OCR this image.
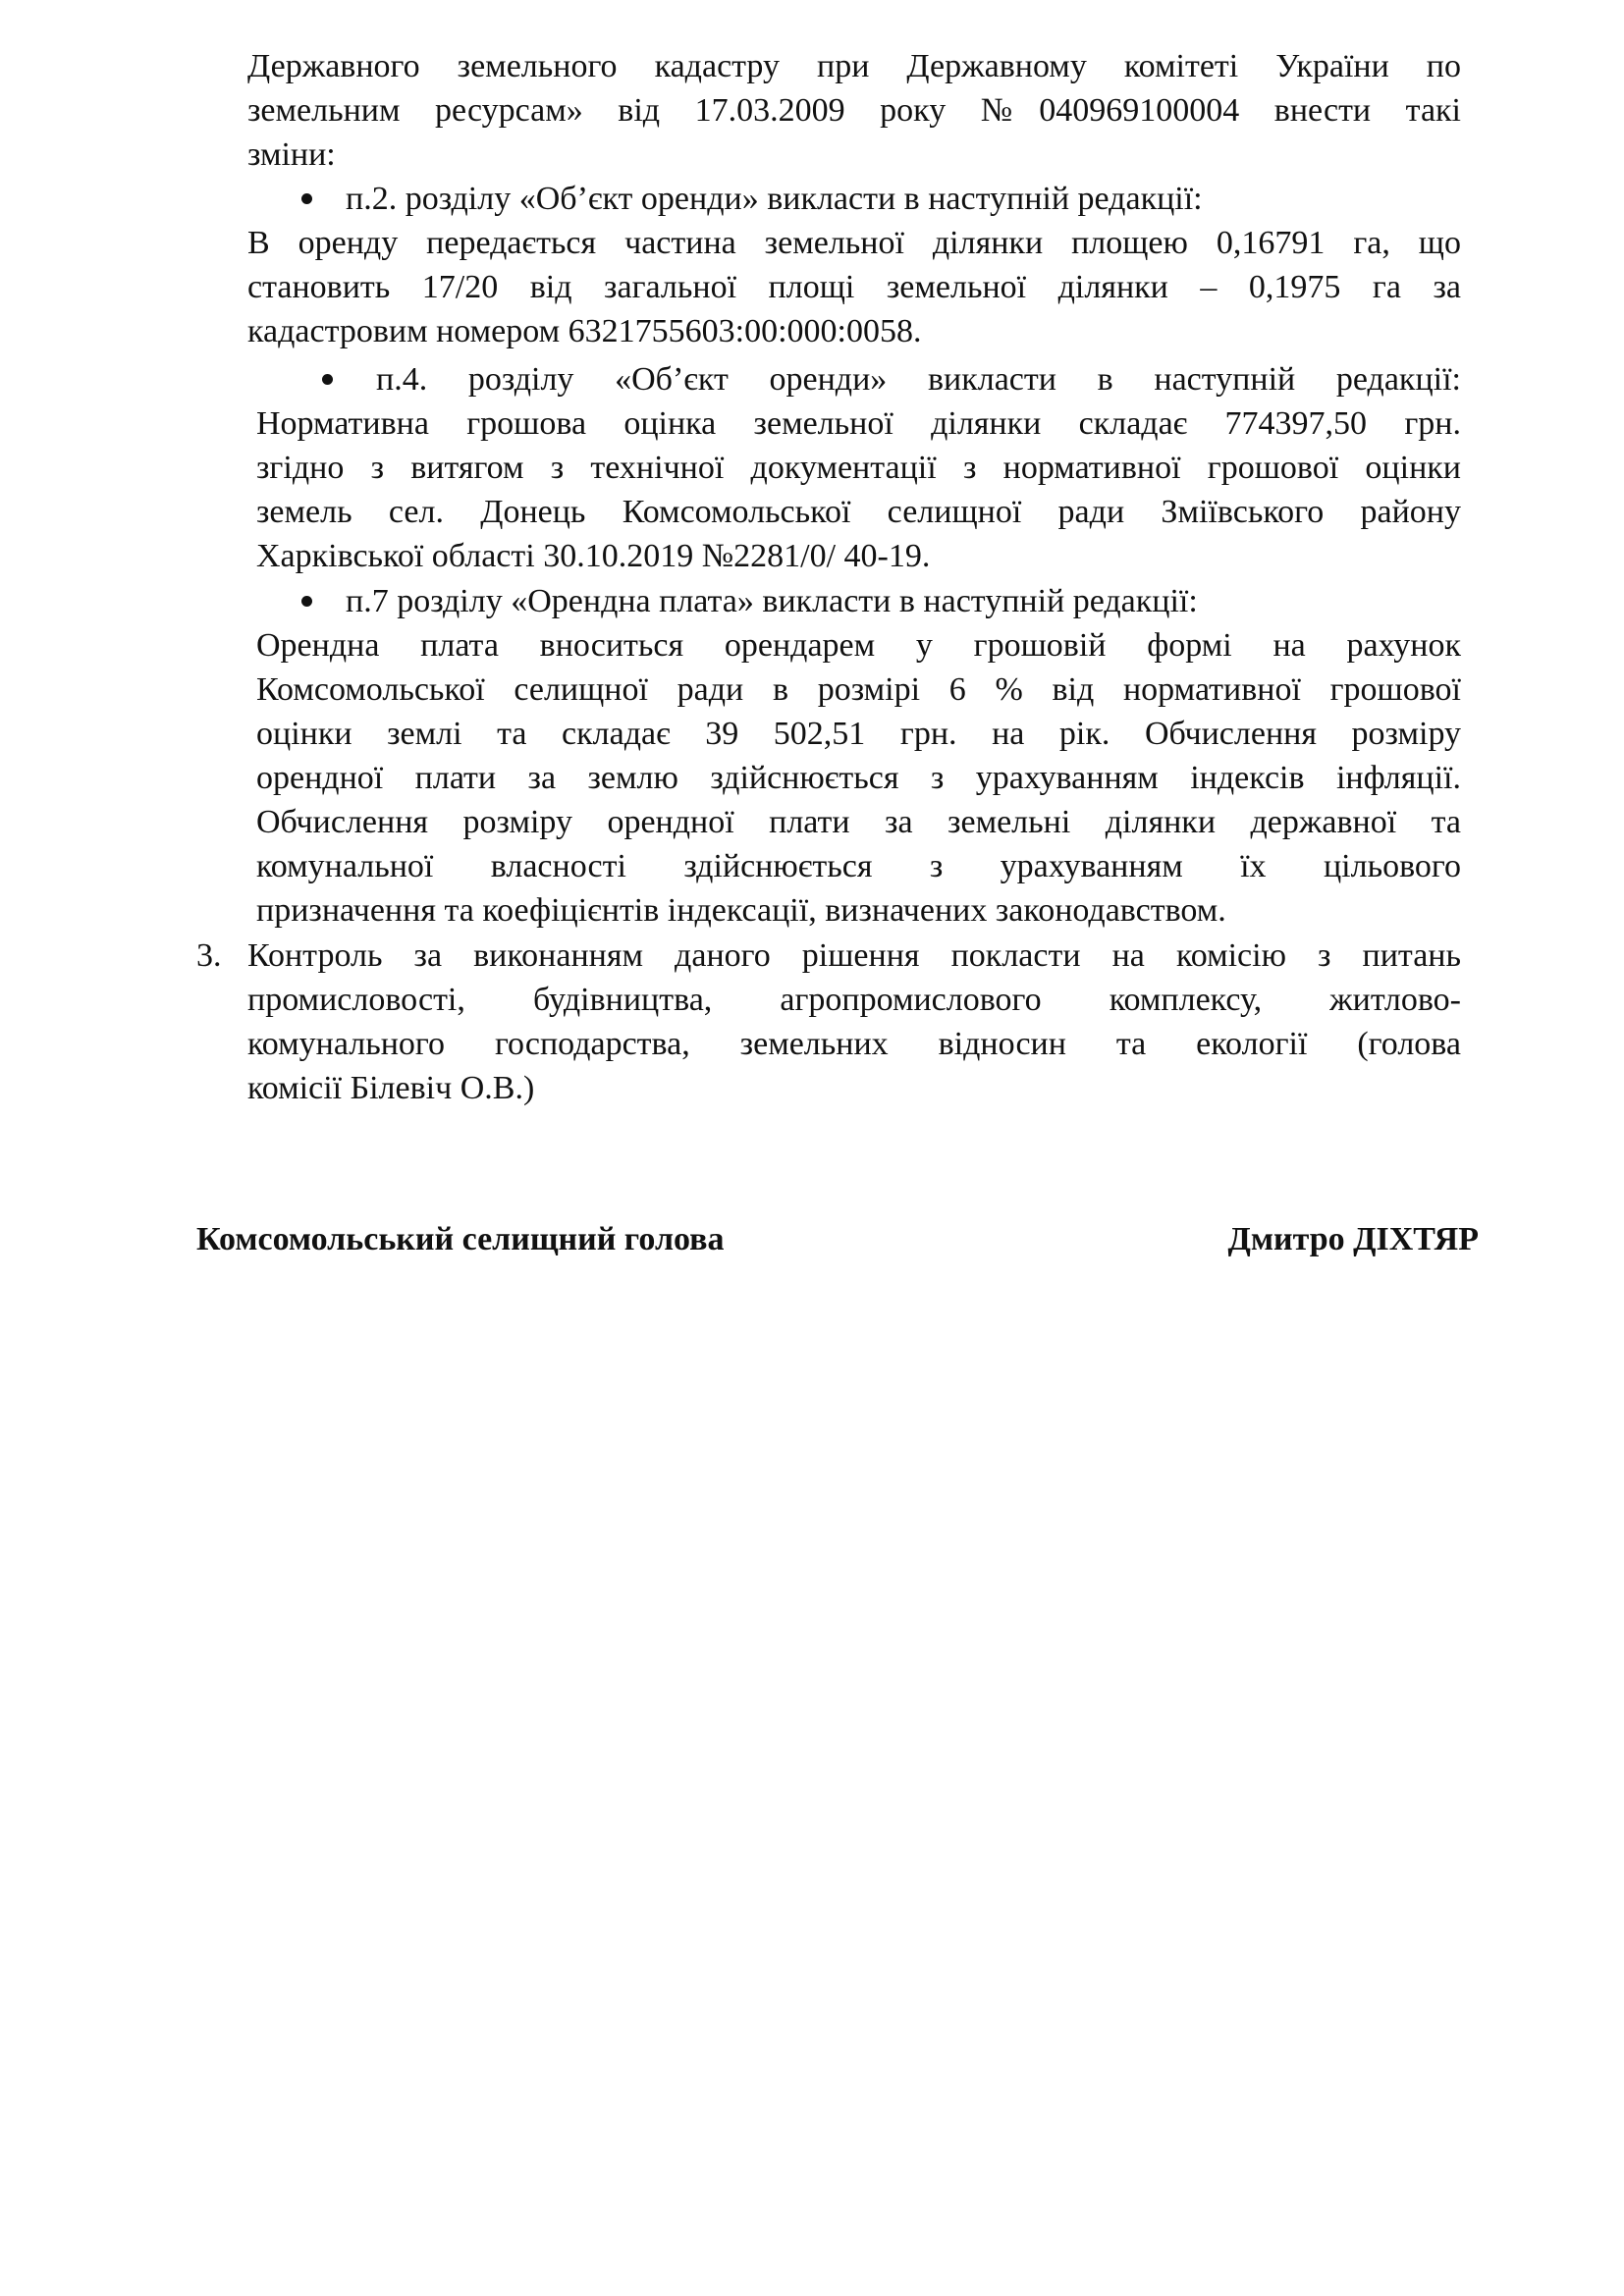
Державного земельного кадастру при Державному комітеті України по
земельним ресурсам» від 17.03.2009 року №040969100004 внести такі
зміни:
п.2. розділу «Об’єкт оренди» викласти в наступній редакції:
В оренду передається частина земельної ділянки площею 0,16791 га, що
становить 17/20 від загальної площі земельної ділянки – 0,1975 га за
кадастровим номером 6321755603:00:000:0058.
п.4. розділу «Об’єкт оренди» викласти в наступній редакції:
Нормативна грошова оцінка земельної ділянки складає 774397,50 грн.
згідно з витягом з технічної документації з нормативної грошової оцінки
земель сел. Донець Комсомольської селищної ради Зміївського району
Харківської області 30.10.2019 №2281/0/ 40-19.
п.7 розділу «Орендна плата» викласти в наступній редакції:
Орендна плата вноситься орендарем у грошовій формі на рахунок
Комсомольської селищної ради в розмірі 6 % від нормативної грошової
оцінки землі та складає 39 502,51 грн. на рік. Обчислення розміру
орендної плати за землю здійснюється з урахуванням індексів інфляції.
Обчислення розміру орендної плати за земельні ділянки державної та
комунальної власності здійснюється з урахуванням їх цільового
призначення та коефіцієнтів індексації, визначених законодавством.
3. Контроль за виконанням даного рішення покласти на комісію з питань
промисловості, будівництва, агропромислового комплексу, житлово-
комунального господарства, земельних відносин та екології (голова
комісії Білевіч О.В.)
Комсомольський селищний голова	Дмитро ДІХТЯР
